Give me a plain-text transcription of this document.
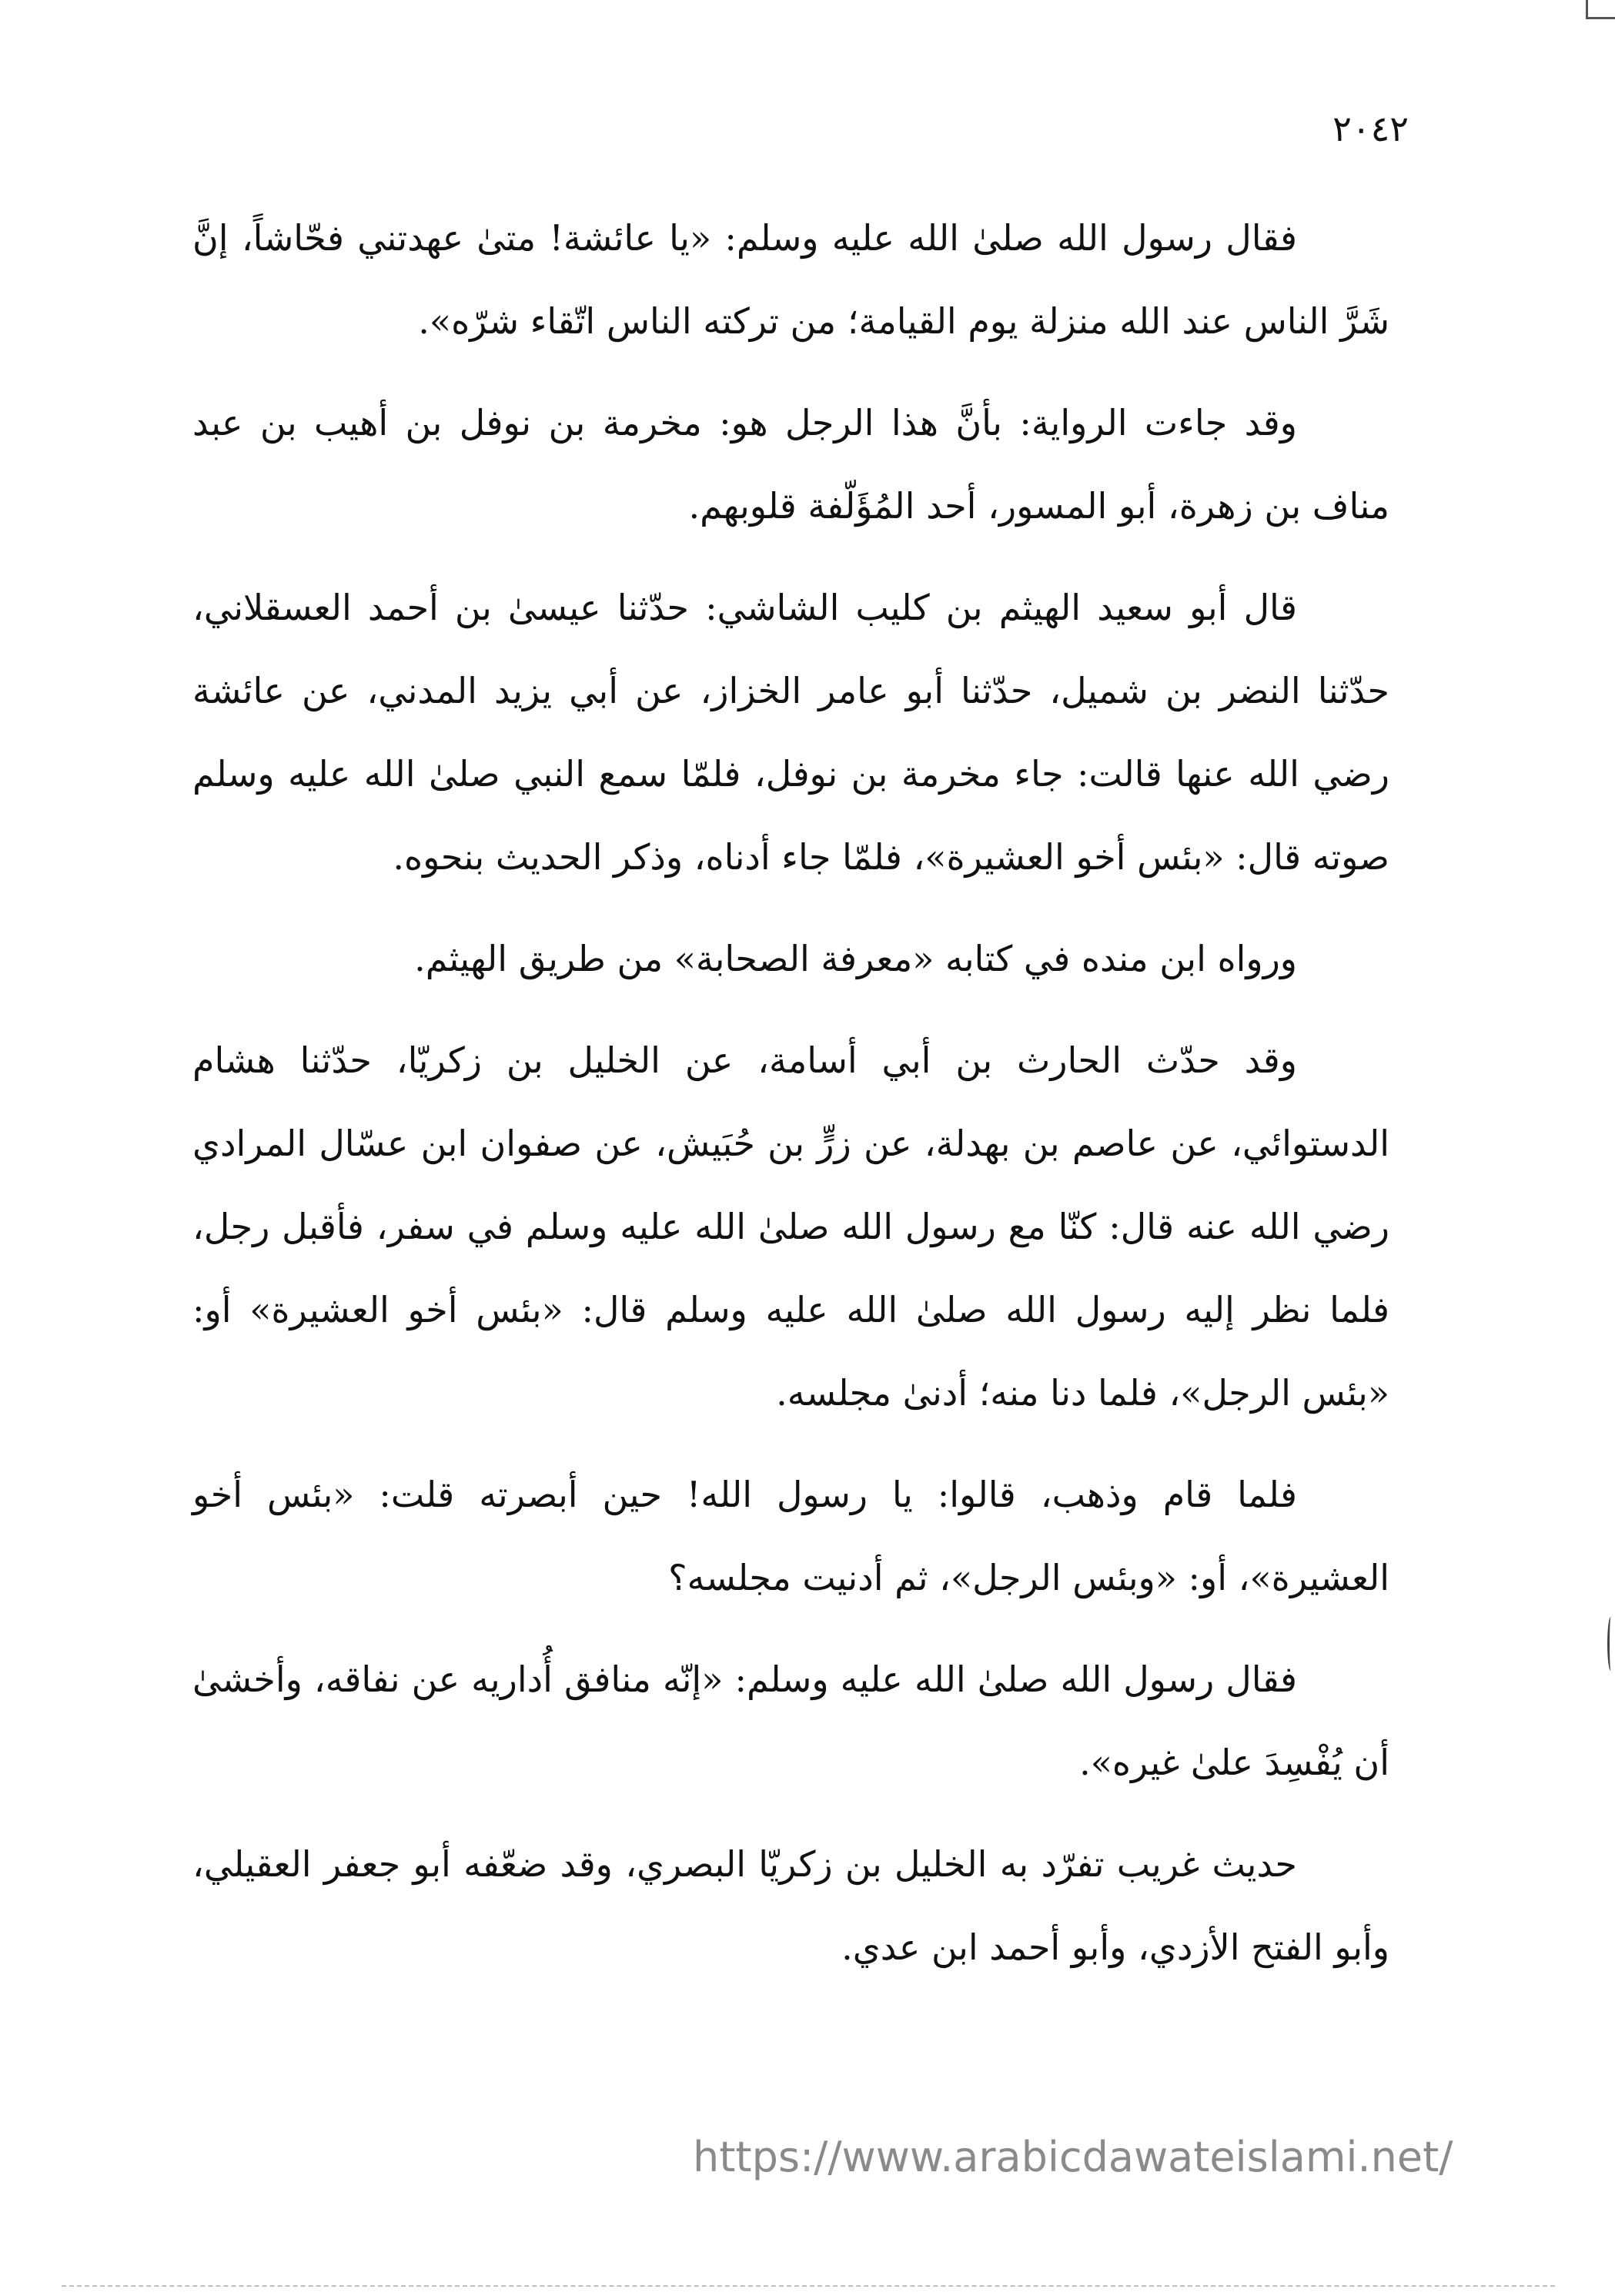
٢٠٤٢

فقال رسول الله صلىٰ الله عليه وسلم: «يا عائشة! متىٰ عهدتني فحّاشاً، إنَّ شَرَّ الناس عند الله منزلة يوم القيامة؛ من تركته الناس اتّقاء شرّه».

وقد جاءت الرواية: بأنَّ هذا الرجل هو: مخرمة بن نوفل بن أهيب بن عبد مناف بن زهرة، أبو المسور، أحد المُؤَلّفة قلوبهم.

قال أبو سعيد الهيثم بن كليب الشاشي: حدّثنا عيسىٰ بن أحمد العسقلاني، حدّثنا النضر بن شميل، حدّثنا أبو عامر الخزاز، عن أبي يزيد المدني، عن عائشة رضي الله عنها قالت: جاء مخرمة بن نوفل، فلمّا سمع النبي صلىٰ الله عليه وسلم صوته قال: «بئس أخو العشيرة»، فلمّا جاء أدناه، وذكر الحديث بنحوه.

ورواه ابن منده في كتابه «معرفة الصحابة» من طريق الهيثم.

وقد حدّث الحارث بن أبي أسامة، عن الخليل بن زكريّا، حدّثنا هشام الدستوائي، عن عاصم بن بهدلة، عن زرٍّ بن حُبَيش، عن صفوان ابن عسّال المرادي رضي الله عنه قال: كنّا مع رسول الله صلىٰ الله عليه وسلم في سفر، فأقبل رجل، فلما نظر إليه رسول الله صلىٰ الله عليه وسلم قال: «بئس أخو العشيرة» أو: «بئس الرجل»، فلما دنا منه؛ أدنىٰ مجلسه.

فلما قام وذهب، قالوا: يا رسول الله! حين أبصرته قلت: «بئس أخو العشيرة»، أو: «وبئس الرجل»، ثم أدنيت مجلسه؟

فقال رسول الله صلىٰ الله عليه وسلم: «إنّه منافق أُداريه عن نفاقه، وأخشىٰ أن يُفْسِدَ علىٰ غيره».

حديث غريب تفرّد به الخليل بن زكريّا البصري، وقد ضعّفه أبو جعفر العقيلي، وأبو الفتح الأزدي، وأبو أحمد ابن عدي.

https://www.arabicdawateislami.net/
